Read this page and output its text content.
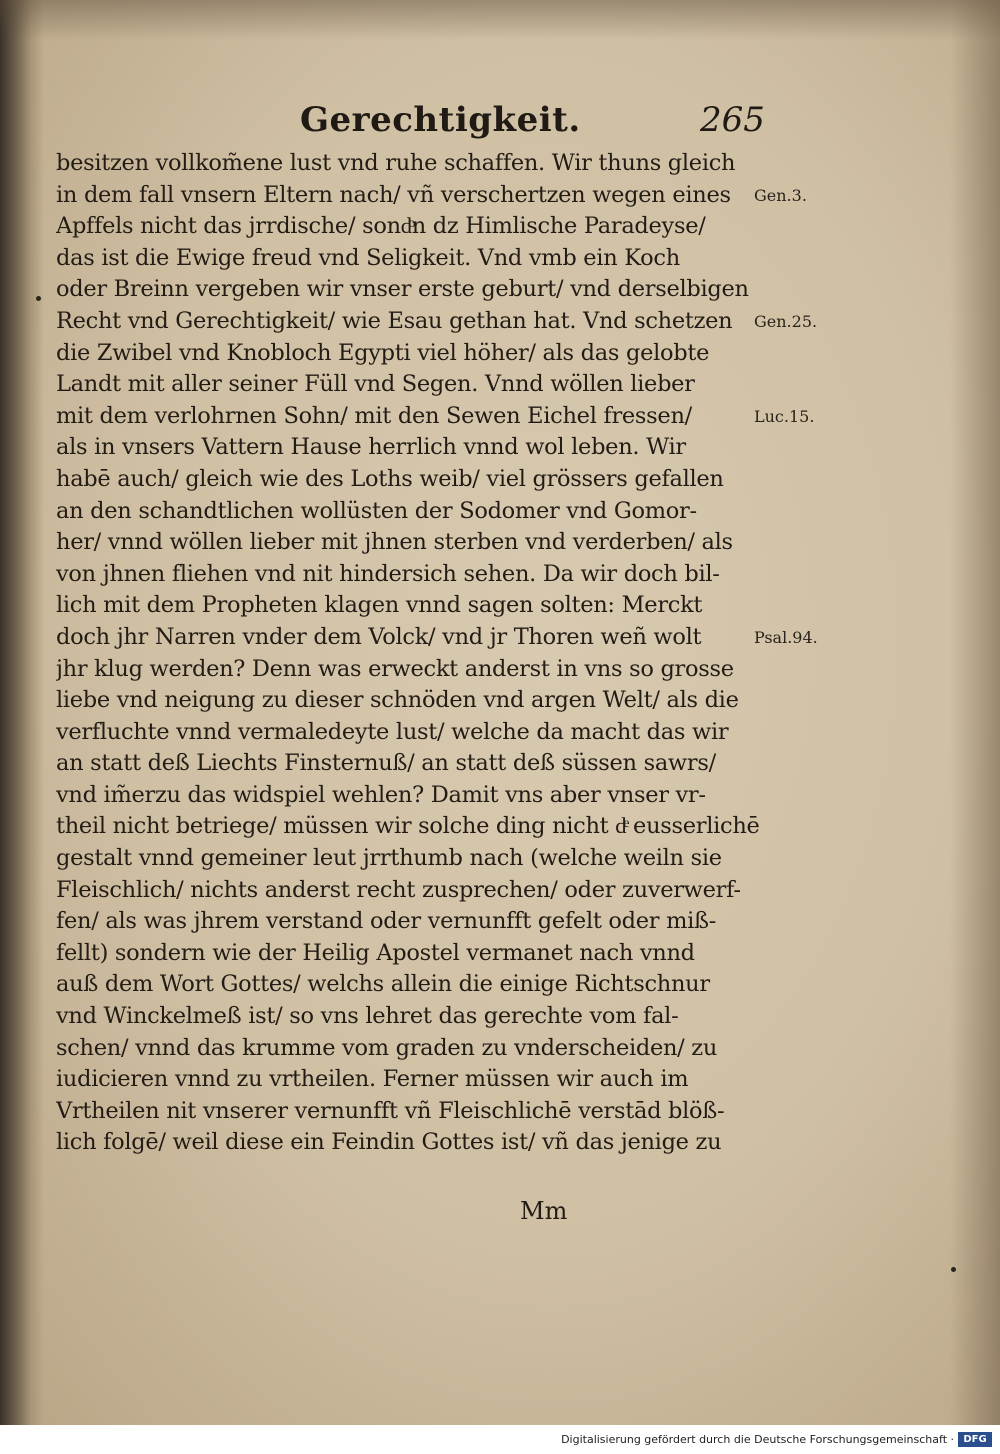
Gerechtigkeit.	265
besitzen vollkom̃ene lust vnd ruhe schaffen. Wir thuns gleich
in dem fall vnsern Eltern nach/ vñ verschertzen wegen eines
Apffels nicht das jrrdische/ sondͦn dz Himlische Paradeyse/
das ist die Ewige freud vnd Seligkeit. Vnd vmb ein Koch
oder Breinn vergeben wir vnser erste geburt/ vnd derselbigen
Recht vnd Gerechtigkeit/ wie Esau gethan hat. Vnd schetzen
die Zwibel vnd Knobloch Egypti viel höher/ als das gelobte
Landt mit aller seiner Füll vnd Segen. Vnnd wöllen lieber
mit dem verlohrnen Sohn/ mit den Sewen Eichel fressen/
als in vnsers Vattern Hause herrlich vnnd wol leben. Wir
habē auch/ gleich wie des Loths weib/ viel grössers gefallen
an den schandtlichen wollüsten der Sodomer vnd Gomor-
her/ vnnd wöllen lieber mit jhnen sterben vnd verderben/ als
von jhnen fliehen vnd nit hindersich sehen. Da wir doch bil-
lich mit dem Propheten klagen vnnd sagen solten: Merckt
doch jhr Narren vnder dem Volck/ vnd jr Thoren weñ wolt
jhr klug werden? Denn was erweckt anderst in vns so grosse
liebe vnd neigung zu dieser schnöden vnd argen Welt/ als die
verfluchte vnnd vermaledeyte lust/ welche da macht das wir
an statt deß Liechts Finsternuß/ an statt deß süssen sawrs/
vnd im̃erzu das widspiel wehlen? Damit vns aber vnser vr-
theil nicht betriege/ müssen wir solche ding nicht dͤ eusserlichē
gestalt vnnd gemeiner leut jrrthumb nach (welche weiln sie
Fleischlich/ nichts anderst recht zusprechen/ oder zuverwerf-
fen/ als was jhrem verstand oder vernunfft gefelt oder miß-
fellt) sondern wie der Heilig Apostel vermanet nach vnnd
auß dem Wort Gottes/ welchs allein die einige Richtschnur
vnd Winckelmeß ist/ so vns lehret das gerechte vom fal-
schen/ vnnd das krumme vom graden zu vnderscheiden/ zu
iudicieren vnnd zu vrtheilen. Ferner müssen wir auch im
Vrtheilen nit vnserer vernunfft vñ Fleischlichē verstād blöß-
lich folgē/ weil diese ein Feindin Gottes ist/ vñ das jenige zu
Gen.3.
Gen.25.
Luc.15.
Psal.94.
Mm
Digitalisierung gefördert durch die Deutsche Forschungsgemeinschaft · DFG
